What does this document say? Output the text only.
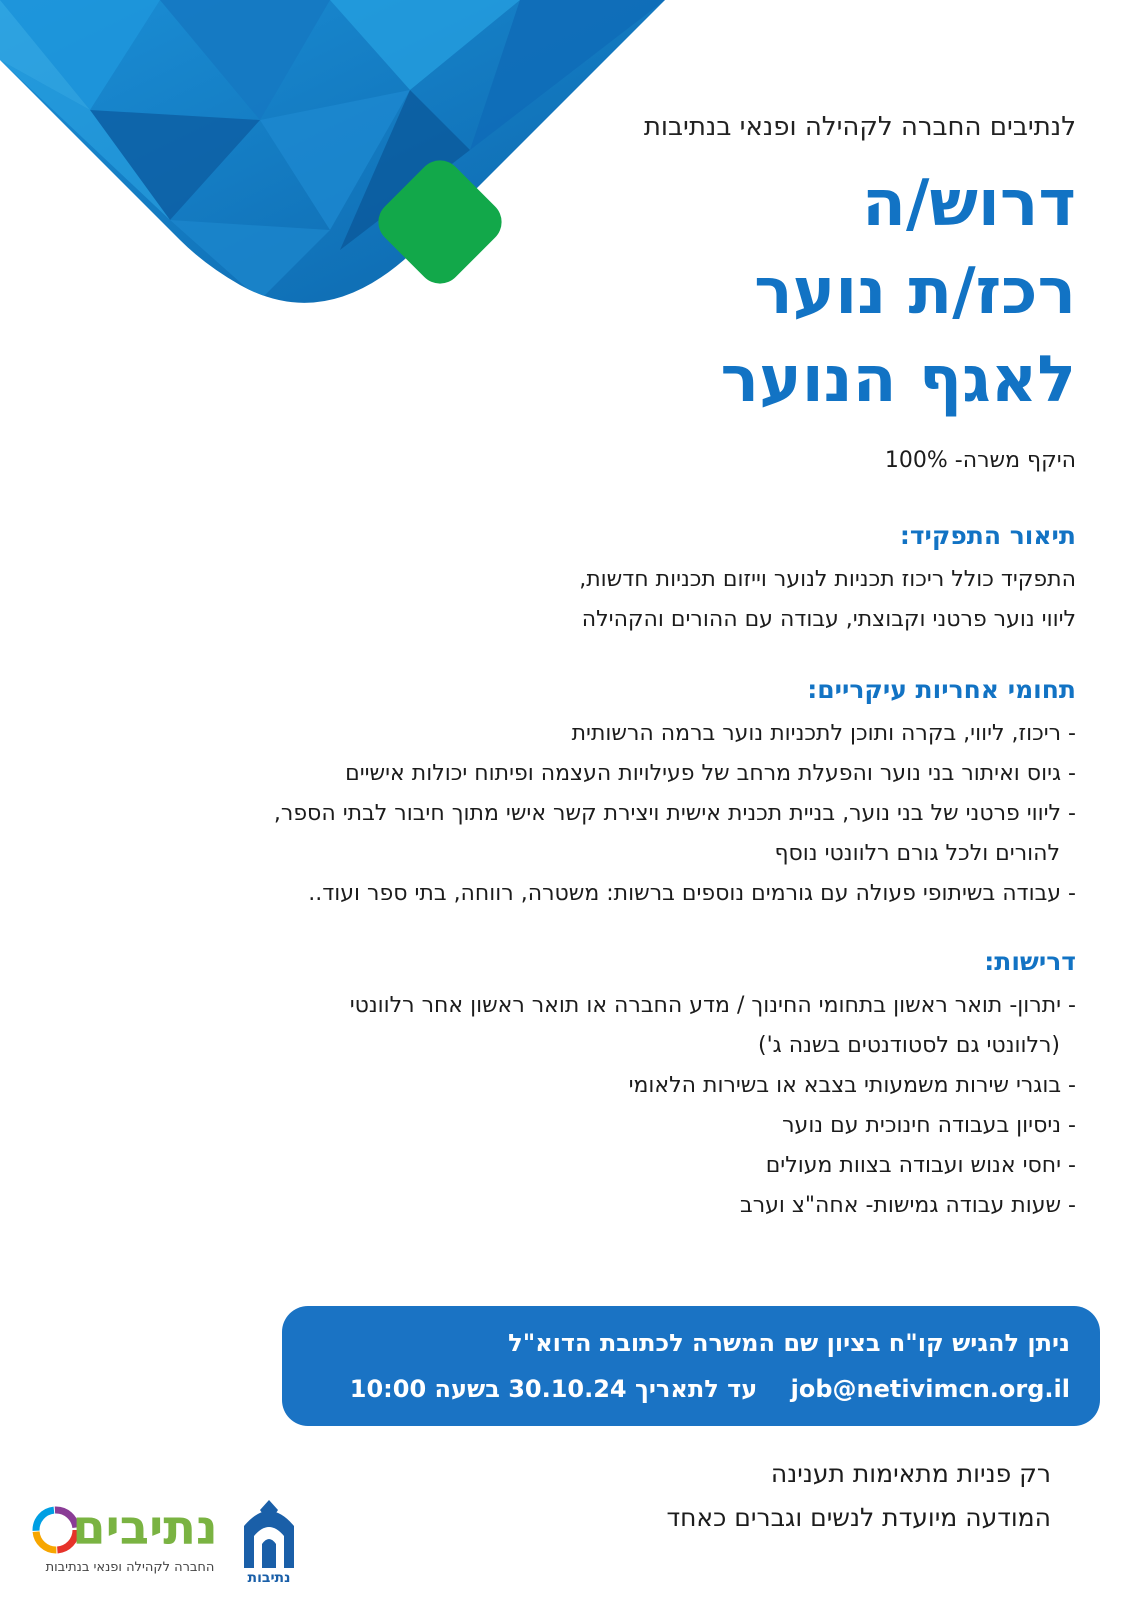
לנתיבים החברה לקהילה ופנאי בנתיבות
דרוש/ה
רכז/ת נוער
לאגף הנוער
היקף משרה- 100%
תיאור התפקיד:
התפקיד כולל ריכוז תכניות לנוער וייזום תכניות חדשות,
ליווי נוער פרטני וקבוצתי, עבודה עם ההורים והקהילה
תחומי אחריות עיקריים:
- ריכוז, ליווי, בקרה ותוכן לתכניות נוער ברמה הרשותית
- גיוס ואיתור בני נוער והפעלת מרחב של פעילויות העצמה ופיתוח יכולות אישיים
- ליווי פרטני של בני נוער, בניית תכנית אישית ויצירת קשר אישי מתוך חיבור לבתי הספר,
להורים ולכל גורם רלוונטי נוסף
- עבודה בשיתופי פעולה עם גורמים נוספים ברשות: משטרה, רווחה, בתי ספר ועוד..
דרישות:
- יתרון- תואר ראשון בתחומי החינוך / מדע החברה או תואר ראשון אחר רלוונטי
(רלוונטי גם לסטודנטים בשנה ג')
- בוגרי שירות משמעותי בצבא או בשירות הלאומי
- ניסיון בעבודה חינוכית עם נוער
- יחסי אנוש ועבודה בצוות מעולים
- שעות עבודה גמישות- אחה"צ וערב
ניתן להגיש קו"ח בציון שם המשרה לכתובת הדוא"ל
job@netivimcn.org.il    עד לתאריך 30.10.24 בשעה 10:00
רק פניות מתאימות תענינה
המודעה מיועדת לנשים וגברים כאחד
נתיבים
החברה לקהילה ופנאי בנתיבות
נתיבות
